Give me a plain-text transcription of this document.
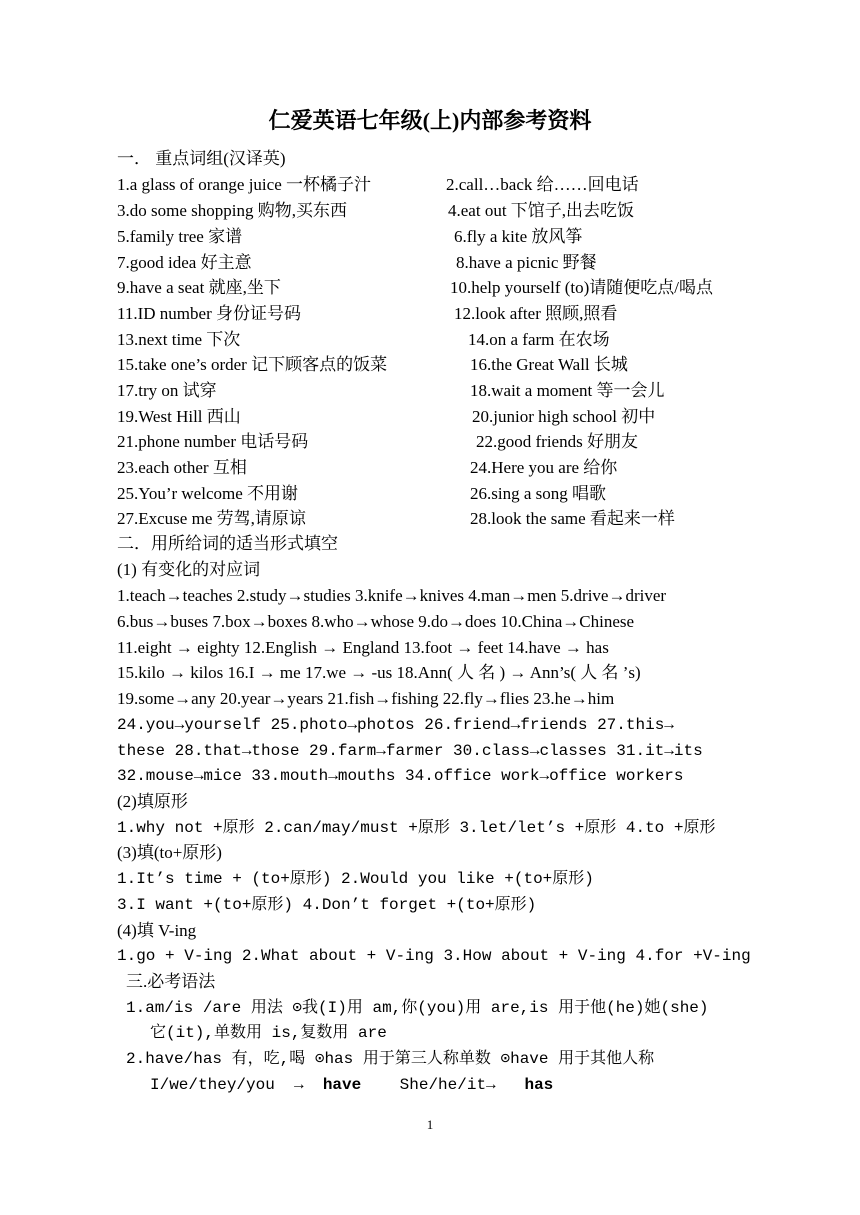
仁爱英语七年级(上)内部参考资料
一． 重点词组(汉译英)
1.a glass of orange juice 一杯橘子汁	2.call…back 给……回电话
3.do some shopping 购物,买东西	4.eat out 下馆子,出去吃饭
5.family tree 家谱	6.fly a kite 放风筝
7.good idea 好主意	8.have a picnic 野餐
9.have a seat 就座,坐下	10.help yourself (to)请随便吃点/喝点
11.ID number 身份证号码	12.look after 照顾,照看
13.next time 下次	14.on a farm 在农场
15.take one’s order 记下顾客点的饭菜	16.the Great Wall 长城
17.try on 试穿	18.wait a moment 等一会儿
19.West Hill 西山	20.junior high school 初中
21.phone number 电话号码	22.good friends 好朋友
23.each other 互相	24.Here you are 给你
25.You’r welcome 不用谢	26.sing a song 唱歌
27.Excuse me 劳驾,请原谅	28.look the same 看起来一样
二．用所给词的适当形式填空
(1) 有变化的对应词
1.teach→teaches 2.study→studies 3.knife→knives 4.man→men 5.drive→driver
6.bus→buses 7.box→boxes 8.who→whose 9.do→does 10.China→Chinese
11.eight → eighty 12.English → England 13.foot → feet 14.have → has
15.kilo → kilos 16.I → me 17.we → -us 18.Ann( 人 名 ) → Ann’s( 人 名 ’s)
19.some→any 20.year→years 21.fish→fishing 22.fly→flies 23.he→him
24.you→yourself 25.photo→photos 26.friend→friends 27.this→
these 28.that→those 29.farm→farmer 30.class→classes 31.it→its
32.mouse→mice 33.mouth→mouths 34.office work→office workers
(2)填原形
1.why not +原形 2.can/may/must +原形 3.let/let’s +原形 4.to +原形
(3)填(to+原形)
1.It’s time + (to+原形) 2.Would you like +(to+原形)
3.I want +(to+原形) 4.Don’t forget +(to+原形)
(4)填 V-ing
1.go + V-ing 2.What about + V-ing 3.How about + V-ing 4.for +V-ing
三.必考语法
1.am/is /are 用法 ⊙我(I)用 am,你(you)用 are,is 用于他(he)她(she)
它(it),单数用 is,复数用 are
2.have/has 有，吃,喝 ⊙has 用于第三人称单数 ⊙have 用于其他人称
I/we/they/you  →  have    She/he/it→   has
1
